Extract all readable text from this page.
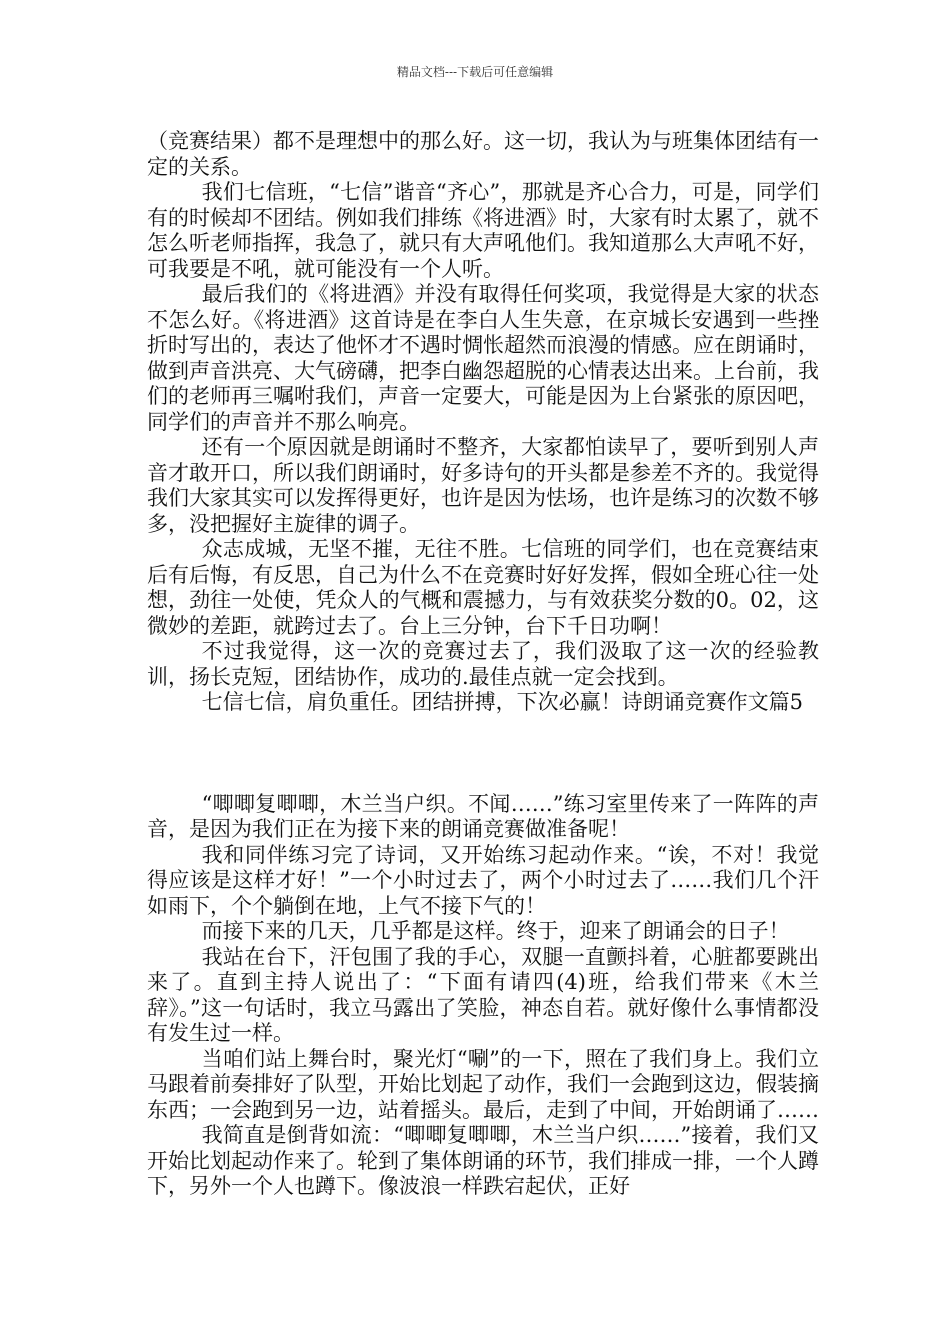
精品文档---下载后可任意编辑

（竞赛结果）都不是理想中的那么好。这一切，我认为与班集体团结有一定的关系。

我们七信班，“七信”谐音“齐心”，那就是齐心合力，可是，同学们有的时候却不团结。例如我们排练《将进酒》时，大家有时太累了，就不怎么听老师指挥，我急了，就只有大声吼他们。我知道那么大声吼不好，可我要是不吼，就可能没有一个人听。

最后我们的《将进酒》并没有取得任何奖项，我觉得是大家的状态不怎么好。《将进酒》这首诗是在李白人生失意，在京城长安遇到一些挫折时写出的，表达了他怀才不遇时惆怅超然而浪漫的情感。应在朗诵时，做到声音洪亮、大气磅礴，把李白幽怨超脱的心情表达出来。上台前，我们的老师再三嘱咐我们，声音一定要大，可能是因为上台紧张的原因吧，同学们的声音并不那么响亮。

还有一个原因就是朗诵时不整齐，大家都怕读早了，要听到别人声音才敢开口，所以我们朗诵时，好多诗句的开头都是参差不齐的。我觉得我们大家其实可以发挥得更好，也许是因为怯场，也许是练习的次数不够多，没把握好主旋律的调子。

众志成城，无坚不摧，无往不胜。七信班的同学们，也在竞赛结束后有后悔，有反思，自己为什么不在竞赛时好好发挥，假如全班心往一处想，劲往一处使，凭众人的气概和震撼力，与有效获奖分数的0。02，这微妙的差距，就跨过去了。台上三分钟，台下千日功啊！

不过我觉得，这一次的竞赛过去了，我们汲取了这一次的经验教训，扬长克短，团结协作，成功的.最佳点就一定会找到。

七信七信，肩负重任。团结拼搏，下次必赢！诗朗诵竞赛作文篇5

“唧唧复唧唧，木兰当户织。不闻……”练习室里传来了一阵阵的声音，是因为我们正在为接下来的朗诵竞赛做准备呢！

我和同伴练习完了诗词，又开始练习起动作来。“诶，不对！我觉得应该是这样才好！”一个小时过去了，两个小时过去了……我们几个汗如雨下，个个躺倒在地，上气不接下气的！

而接下来的几天，几乎都是这样。终于，迎来了朗诵会的日子！

我站在台下，汗包围了我的手心，双腿一直颤抖着，心脏都要跳出来了。直到主持人说出了：“下面有请四(4)班，给我们带来《木兰辞》。”这一句话时，我立马露出了笑脸，神态自若。就好像什么事情都没有发生过一样。

当咱们站上舞台时，聚光灯“唰”的一下，照在了我们身上。我们立马跟着前奏排好了队型，开始比划起了动作，我们一会跑到这边，假装摘东西；一会跑到另一边，站着摇头。最后，走到了中间，开始朗诵了……

我简直是倒背如流：“唧唧复唧唧，木兰当户织……”接着，我们又开始比划起动作来了。轮到了集体朗诵的环节，我们排成一排，一个人蹲下，另外一个人也蹲下。像波浪一样跌宕起伏，正好
